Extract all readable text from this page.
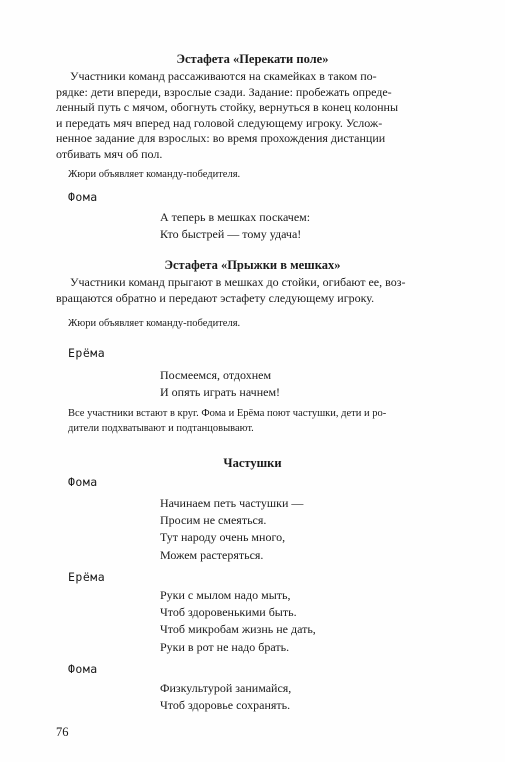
Эстафета «Перекати поле»
Участники команд рассаживаются на скамейках в таком по-
рядке: дети впереди, взрослые сзади. Задание: пробежать опреде-
ленный путь с мячом, обогнуть стойку, вернуться в конец колонны
и передать мяч вперед над головой следующему игроку. Услож-
ненное задание для взрослых: во время прохождения дистанции
отбивать мяч об пол.
Жюри объявляет команду-победителя.
Фома
А теперь в мешках поскачем:
Кто быстрей — тому удача!
Эстафета «Прыжки в мешках»
Участники команд прыгают в мешках до стойки, огибают ее, воз-
вращаются обратно и передают эстафету следующему игроку.
Жюри объявляет команду-победителя.
Ерёма
Посмеемся, отдохнем
И опять играть начнем!
Все участники встают в круг. Фома и Ерёма поют частушки, дети и ро-
дители подхватывают и подтанцовывают.
Частушки
Фома
Начинаем петь частушки —
Просим не смеяться.
Тут народу очень много,
Можем растеряться.
Ерёма
Руки с мылом надо мыть,
Чтоб здоровенькими быть.
Чтоб микробам жизнь не дать,
Руки в рот не надо брать.
Фома
Физкультурой занимайся,
Чтоб здоровье сохранять.
76
